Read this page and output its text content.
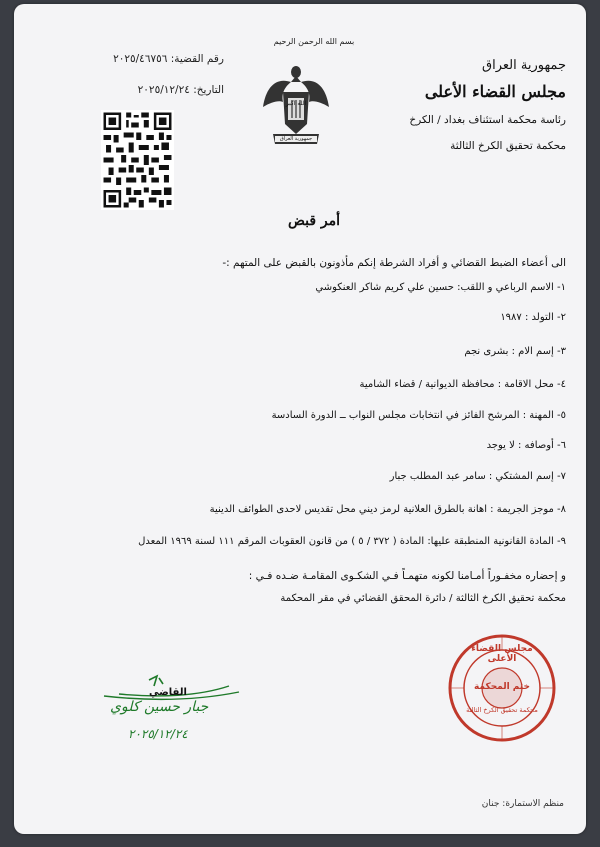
بسم الله الرحمن الرحيم
جمهورية العراق
مجلس القضاء الأعلى
رئاسة محكمة استئناف بغداد / الكرخ
محكمة تحقيق الكرخ الثالثة
رقم القضية: ٢٠٢٥/٤٦٧٥٦
التاريخ: ٢٠٢٥/١٢/٢٤
الله اكبر
جمهورية العراق
أمر قبض
الى أعضاء الضبط القضائي و أفراد الشرطة إنكم مأذونون بالقبض على المتهم :-
١- الاسم الرباعي و اللقب: حسين علي كريم شاكر العنكوشي
٢- التولد : ١٩٨٧
٣- إسم الام : بشرى نجم
٤- محل الاقامة : محافظة الديوانية / قضاء الشامية
٥- المهنة : المرشح الفائز في انتخابات مجلس النواب ــ الدورة السادسة
٦- أوصافه : لا يوجد
٧- إسم المشتكي : سامر عبد المطلب جبار
٨- موجز الجريمة : اهانة بالطرق العلانية لرمز ديني محل تقديس لاحدى الطوائف الدينية
٩- المادة القانونية المنطبقة عليها: المادة ( ٣٧٢ / ٥ ) من قانون العقوبات المرقم ١١١ لسنة ١٩٦٩ المعدل
و إحضاره مخفـوراً أمـامنا لكونه متهمـاً فـي الشكـوى المقامـة ضـده فـي :
محكمة تحقيق الكرخ الثالثة / دائرة المحقق القضائي في مقر المحكمة
القاضي
جبار حسين كلوي
٢٠٢٥/١٢/٢٤
مجلس القضاء الأعلى
ختم المحكمة
محكمة تحقيق الكرخ الثالثة
منظم الاستمارة: جنان
